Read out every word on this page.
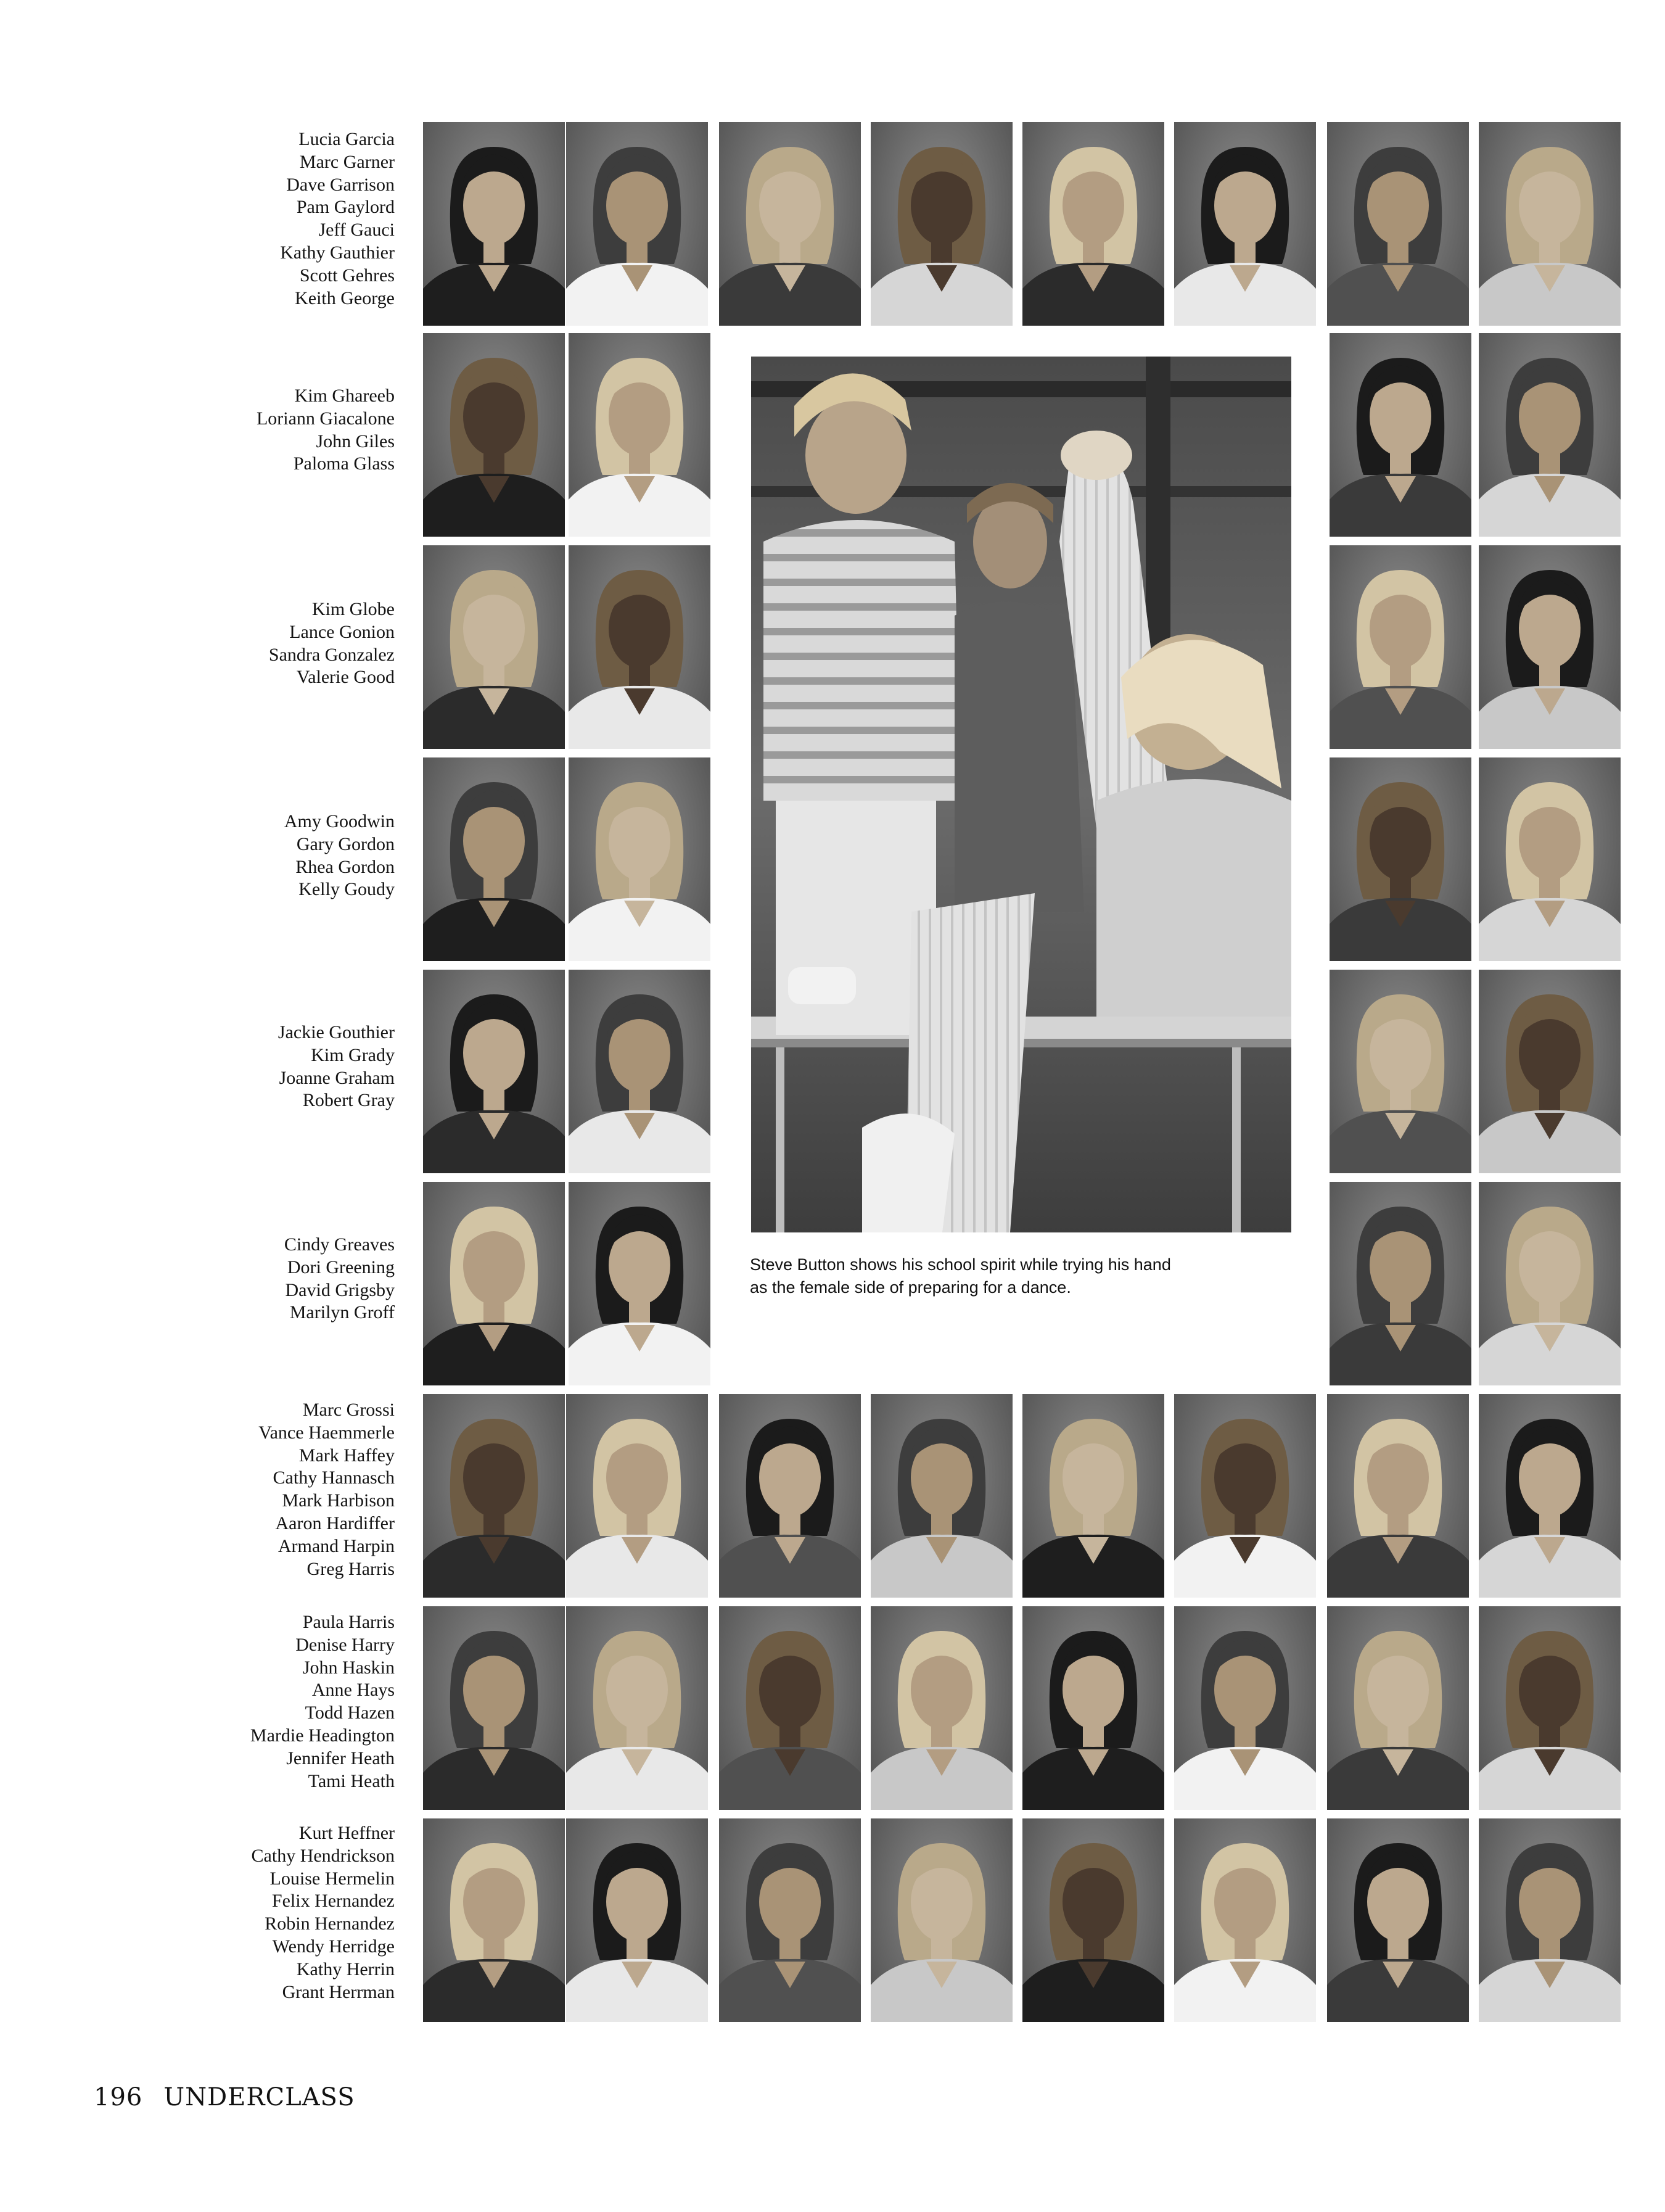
Lucia Garcia
Marc Garner
Dave Garrison
Pam Gaylord
Jeff Gauci
Kathy Gauthier
Scott Gehres
Keith George
Kim Ghareeb
Loriann Giacalone
John Giles
Paloma Glass
Kim Globe
Lance Gonion
Sandra Gonzalez
Valerie Good
Amy Goodwin
Gary Gordon
Rhea Gordon
Kelly Goudy
Jackie Gouthier
Kim Grady
Joanne Graham
Robert Gray
Cindy Greaves
Dori Greening
David Grigsby
Marilyn Groff
Marc Grossi
Vance Haemmerle
Mark Haffey
Cathy Hannasch
Mark Harbison
Aaron Hardiffer
Armand Harpin
Greg Harris
Paula Harris
Denise Harry
John Haskin
Anne Hays
Todd Hazen
Mardie Headington
Jennifer Heath
Tami Heath
Kurt Heffner
Cathy Hendrickson
Louise Hermelin
Felix Hernandez
Robin Hernandez
Wendy Herridge
Kathy Herrin
Grant Herrman
Steve Button shows his school spirit while trying his hand
as the female side of preparing for a dance.
196 UNDERCLASS
